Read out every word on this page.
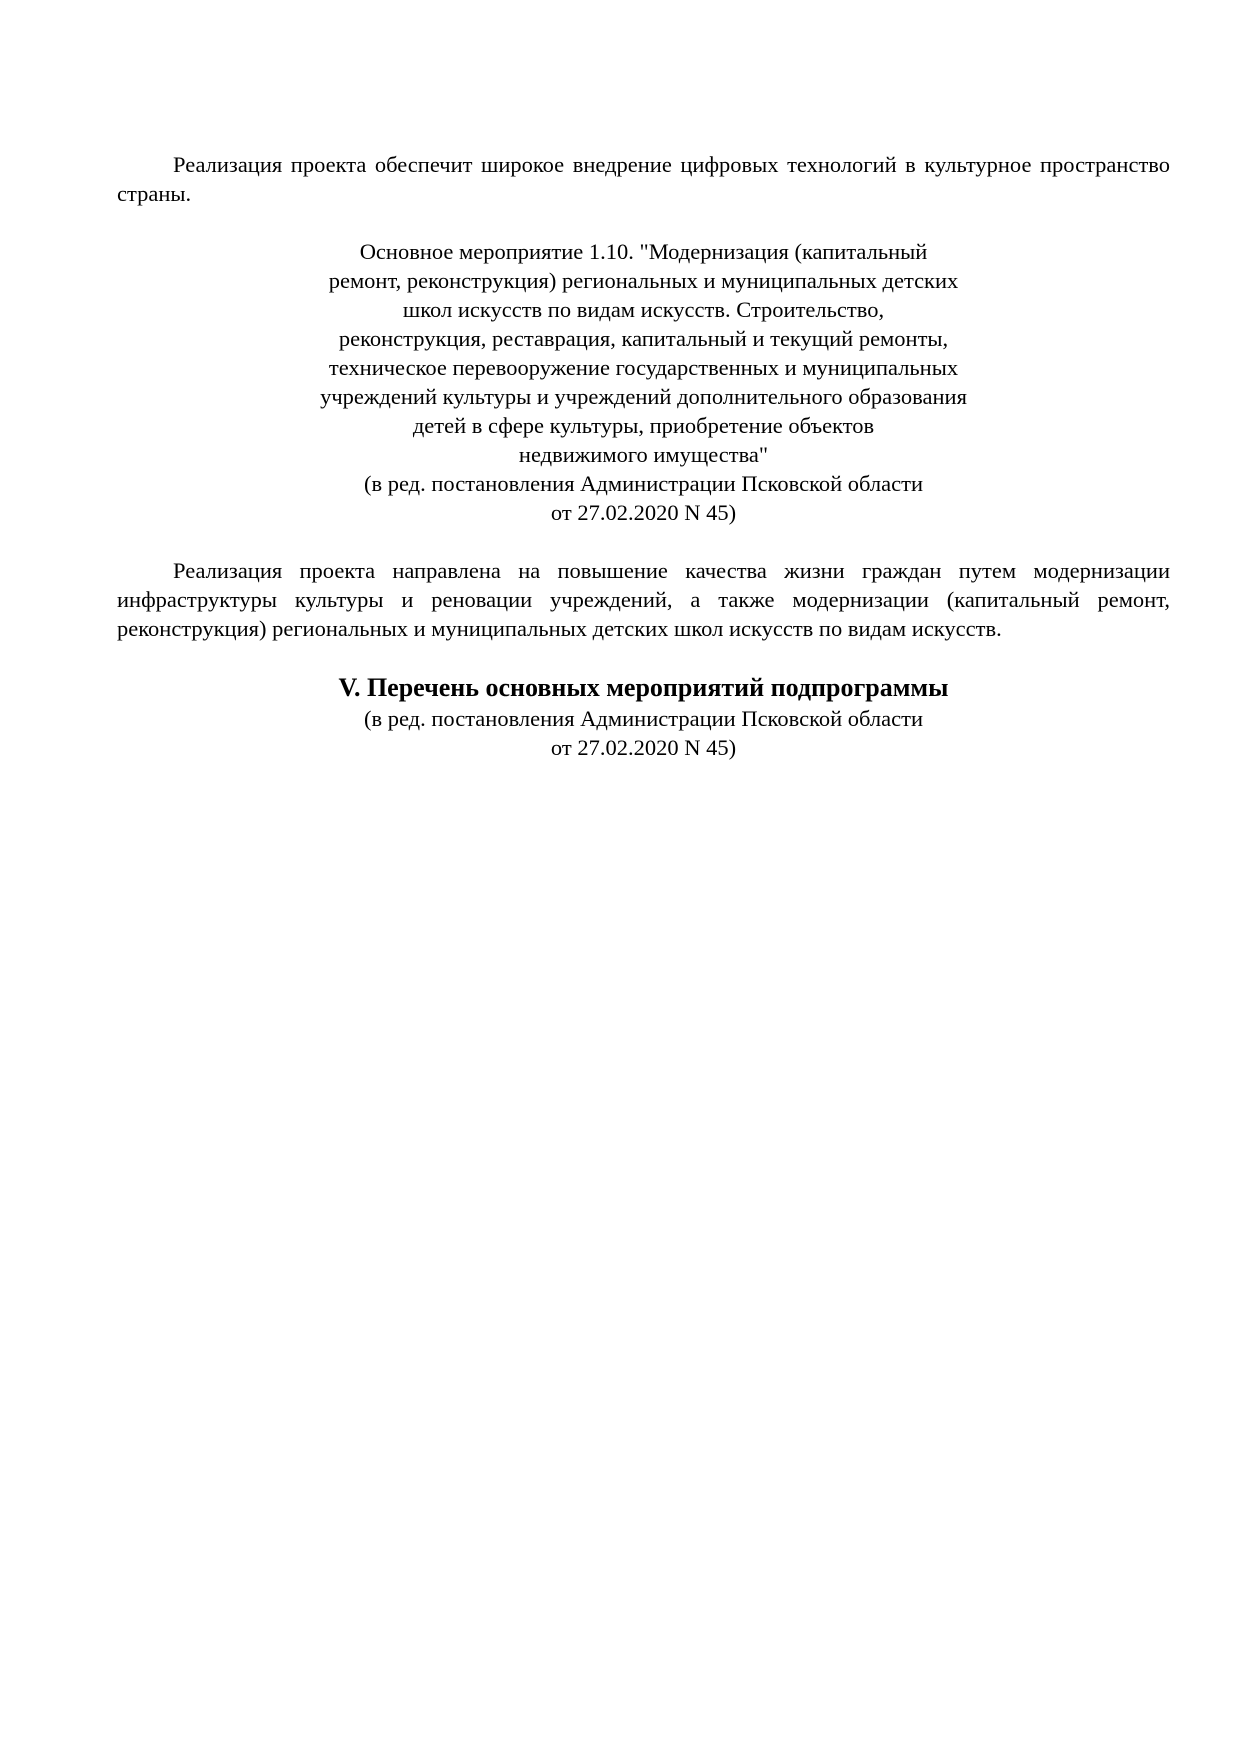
Реализация проекта обеспечит широкое внедрение цифровых технологий в культурное пространство страны.

Основное мероприятие 1.10. "Модернизация (капитальный
ремонт, реконструкция) региональных и муниципальных детских
школ искусств по видам искусств. Строительство,
реконструкция, реставрация, капитальный и текущий ремонты,
техническое перевооружение государственных и муниципальных
учреждений культуры и учреждений дополнительного образования
детей в сфере культуры, приобретение объектов
недвижимого имущества"
(в ред. постановления Администрации Псковской области
от 27.02.2020 N 45)

Реализация проекта направлена на повышение качества жизни граждан путем модернизации инфраструктуры культуры и реновации учреждений, а также модернизации (капитальный ремонт, реконструкция) региональных и муниципальных детских школ искусств по видам искусств.

V. Перечень основных мероприятий подпрограммы

(в ред. постановления Администрации Псковской области
от 27.02.2020 N 45)
